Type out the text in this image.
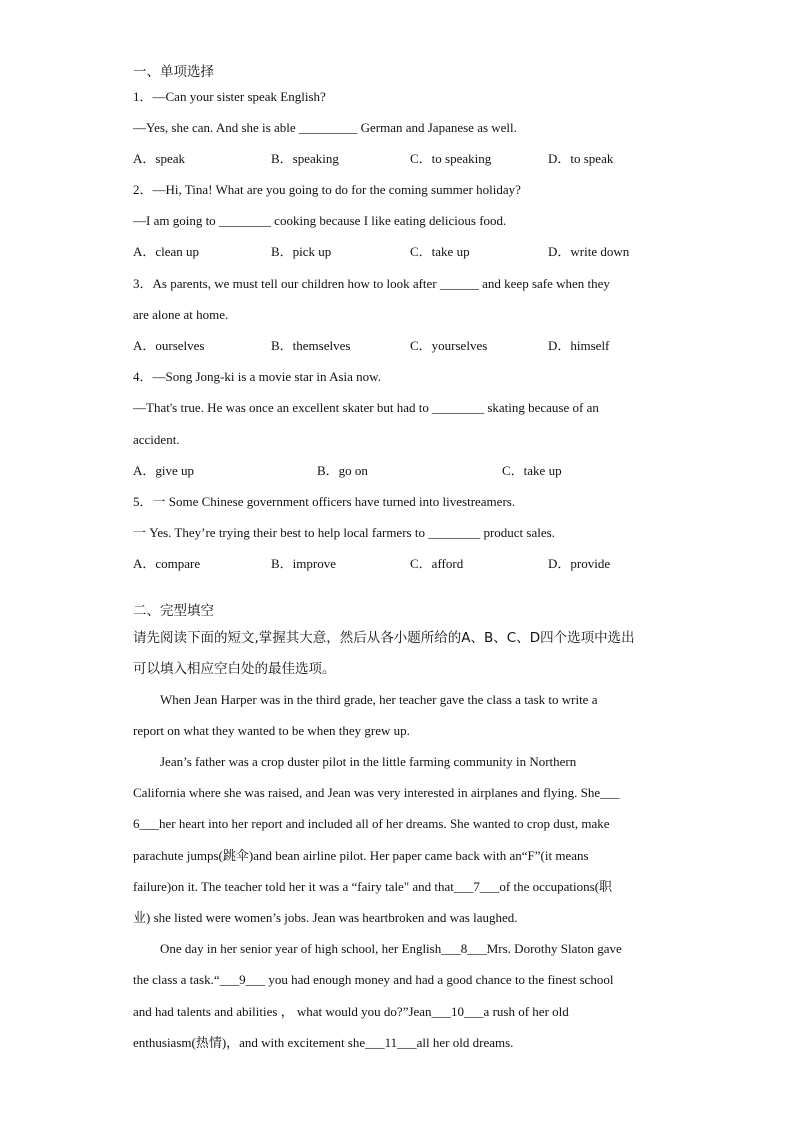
一、单项选择
1．—Can your sister speak English?
—Yes, she can. And she is able _________ German and Japanese as well.
A．speak	B．speaking	C．to speaking	D．to speak
2．—Hi, Tina! What are you going to do for the coming summer holiday?
—I am going to ________ cooking because I like eating delicious food.
A．clean up	B．pick up	C．take up	D．write down
3．As parents, we must tell our children how to look after ______ and keep safe when they
are alone at home.
A．ourselves	B．themselves	C．yourselves	D．himself
4．—Song Jong-ki is a movie star in Asia now.
—That's true. He was once an excellent skater but had to ________ skating because of an
accident.
A．give up	B．go on	C．take up
5．一 Some Chinese government officers have turned into livestreamers.
一 Yes. They’re trying their best to help local farmers to ________ product sales.
A．compare	B．improve	C．afford	D．provide
二、完型填空
请先阅读下面的短文,掌握其大意，然后从各小题所给的A、B、C、D四个选项中选出
可以填入相应空白处的最佳选项。
When Jean Harper was in the third grade, her teacher gave the class a task to write a
report on what they wanted to be when they grew up.
Jean’s father was a crop duster pilot in the little farming community in Northern
California where she was raised, and Jean was very interested in airplanes and flying. She___
6___her heart into her report and included all of her dreams. She wanted to crop dust, make
parachute jumps(跳伞)and bean airline pilot. Her paper came back with an“F”(it means
failure)on it. The teacher told her it was a “fairy tale" and that___7___of the occupations(职
业) she listed were women’s jobs. Jean was heartbroken and was laughed.
One day in her senior year of high school, her English___8___Mrs. Dorothy Slaton gave
the class a task.“___9___ you had enough money and had a good chance to the finest school
and had talents and abilities ， what would you do?”Jean___10___a rush of her old
enthusiasm(热情)，and with excitement she___11___all her old dreams.
